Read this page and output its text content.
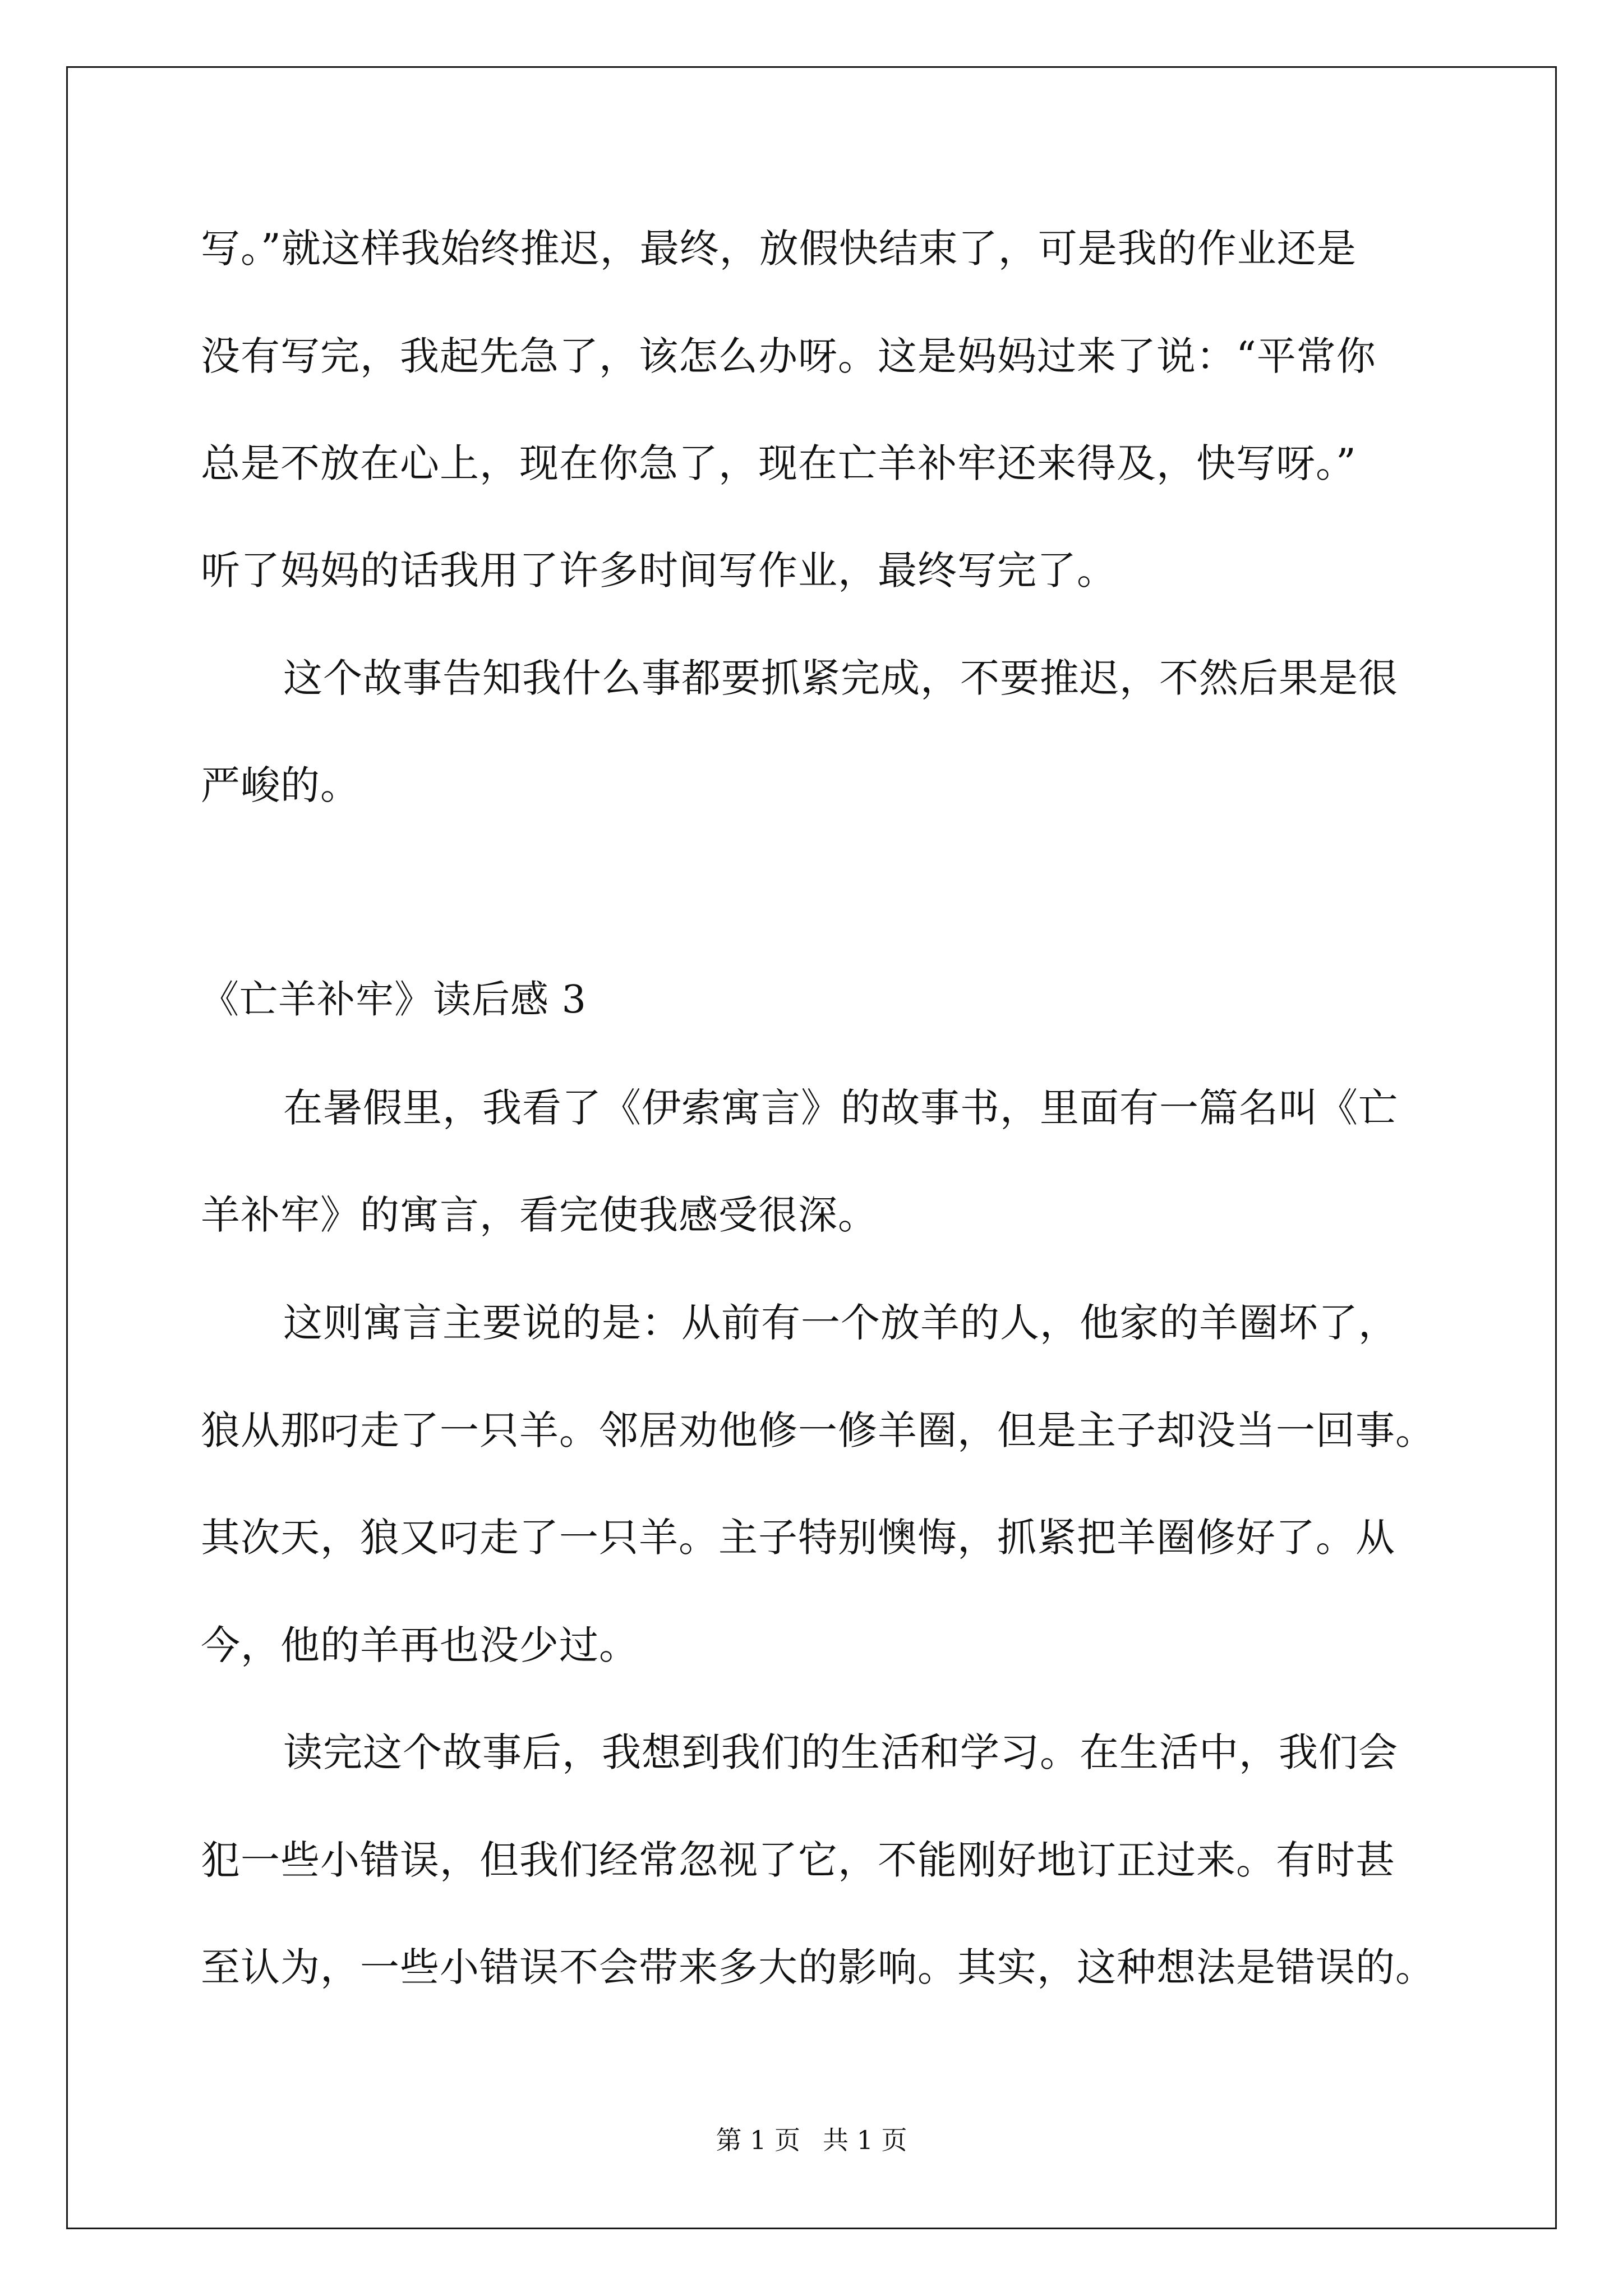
写。”就这样我始终推迟，最终，放假快结束了，可是我的作业还是
没有写完，我起先急了，该怎么办呀。这是妈妈过来了说：“平常你
总是不放在心上，现在你急了，现在亡羊补牢还来得及，快写呀。”
听了妈妈的话我用了许多时间写作业，最终写完了。
这个故事告知我什么事都要抓紧完成，不要推迟，不然后果是很
严峻的。
《亡羊补牢》读后感 3
在暑假里，我看了《伊索寓言》的故事书，里面有一篇名叫《亡
羊补牢》的寓言，看完使我感受很深。
这则寓言主要说的是：从前有一个放羊的人，他家的羊圈坏了，
狼从那叼走了一只羊。邻居劝他修一修羊圈，但是主子却没当一回事。
其次天，狼又叼走了一只羊。主子特别懊悔，抓紧把羊圈修好了。从
今，他的羊再也没少过。
读完这个故事后，我想到我们的生活和学习。在生活中，我们会
犯一些小错误，但我们经常忽视了它，不能刚好地订正过来。有时甚
至认为，一些小错误不会带来多大的影响。其实，这种想法是错误的。
第 1 页 共 1 页
